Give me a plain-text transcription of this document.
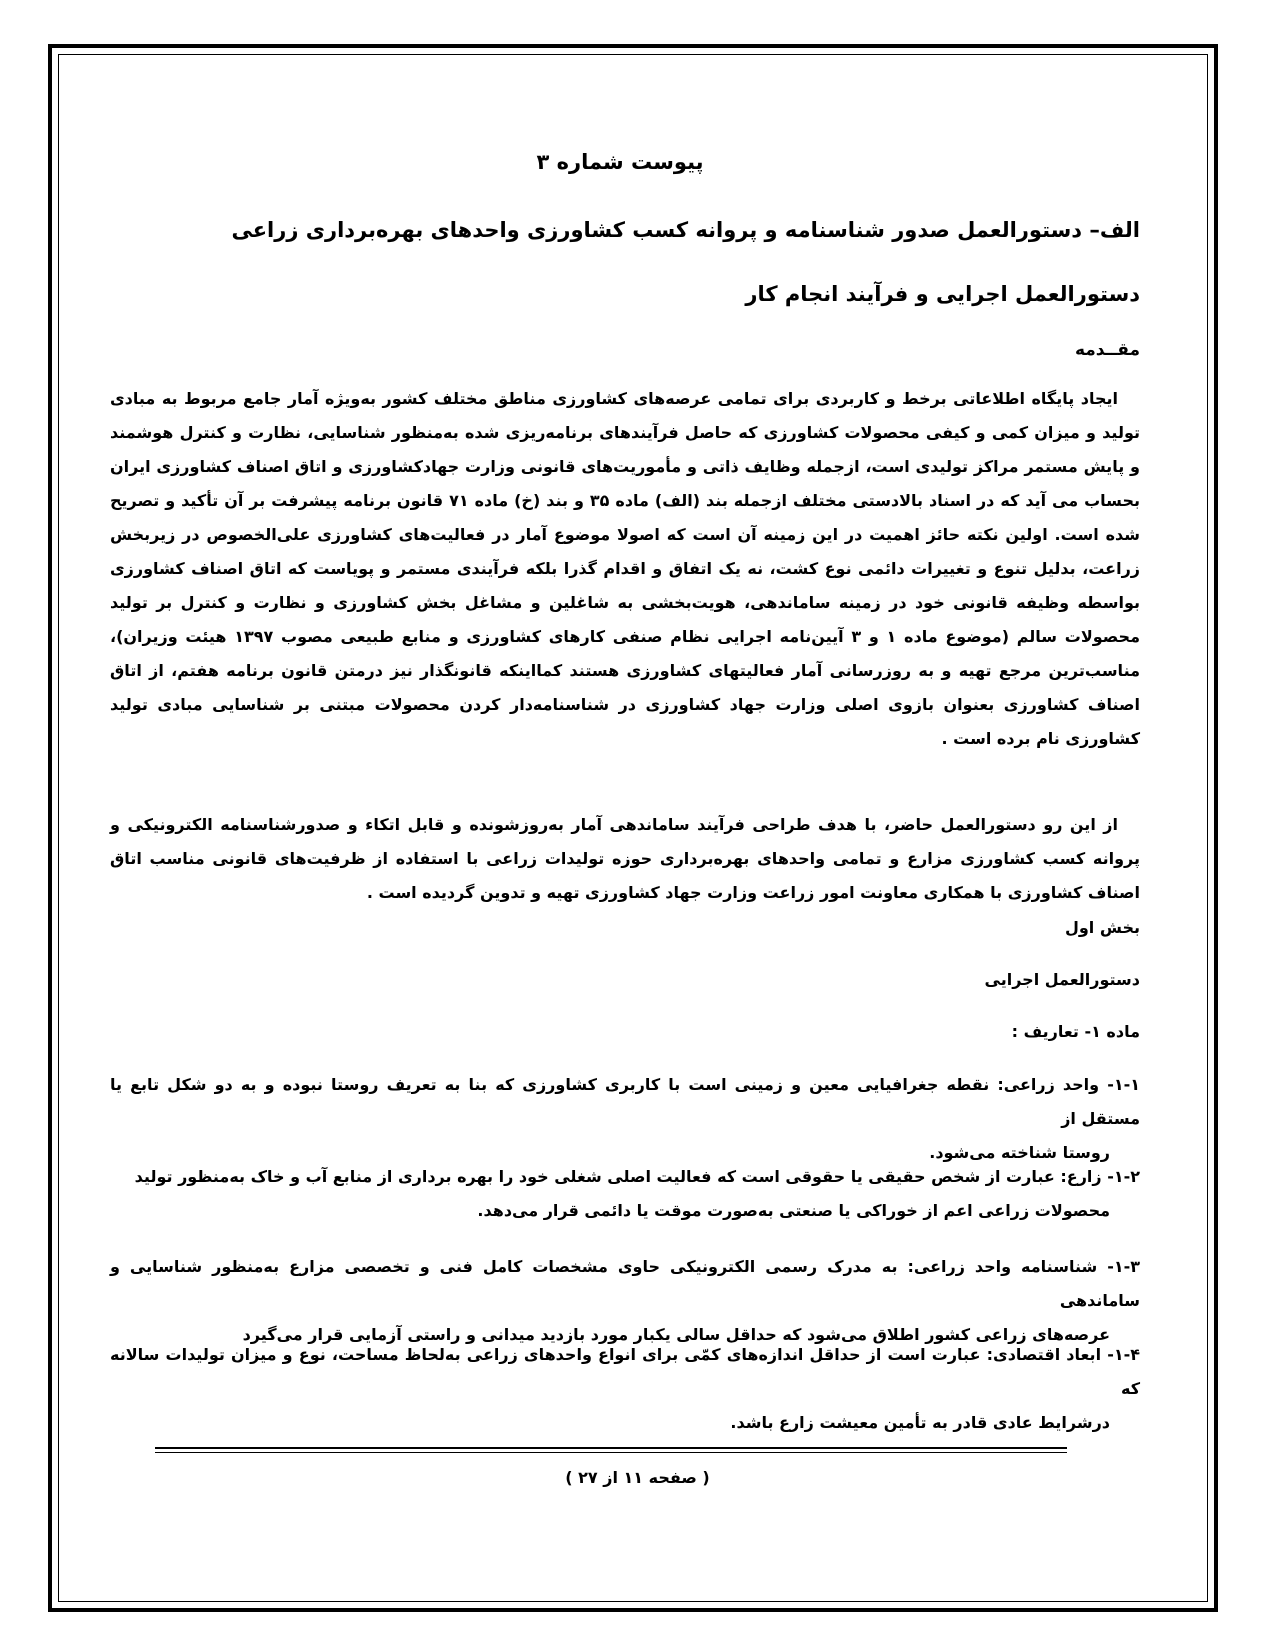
پیوست شماره ۳
الف– دستورالعمل صدور شناسنامه و پروانه کسب کشاورزی واحدهای بهره‌برداری زراعی
دستورالعمل اجرایی و فرآیند انجام کار
مقــدمه
ایجاد پایگاه اطلاعاتی برخط و کاربردی برای تمامی عرصه‌های کشاورزی مناطق مختلف کشور به‌ویژه آمار جامع مربوط به مبادی تولید و میزان کمی و کیفی محصولات کشاورزی که حاصل فرآیندهای برنامه‌ریزی شده به‌منظور شناسایی، نظارت و کنترل هوشمند و پایش مستمر مراکز تولیدی است، ازجمله وظایف ذاتی و مأموریت‌های قانونی وزارت جهادکشاورزی و اتاق اصناف کشاورزی ایران بحساب می آید که در اسناد بالادستی مختلف ازجمله بند (الف) ماده ۳۵ و بند (خ) ماده ۷۱ قانون برنامه پیشرفت بر آن تأکید و تصریح شده است. اولین نکته حائز اهمیت در این زمینه آن است که اصولا موضوع آمار در فعالیت‌های کشاورزی علی‌الخصوص در زیربخش زراعت، بدلیل تنوع و تغییرات دائمی نوع کشت، نه یک اتفاق و اقدام گذرا بلکه فرآیندی مستمر و پویاست که اتاق اصناف کشاورزی بواسطه وظیفه قانونی خود در زمینه ساماندهی، هویت‌بخشی به شاغلین و مشاغل بخش کشاورزی و نظارت و کنترل بر تولید محصولات سالم (موضوع ماده ۱ و ۳ آیین‌نامه اجرایی نظام صنفی کارهای کشاورزی و منابع طبیعی مصوب ۱۳۹۷ هیئت وزیران)، مناسب‌ترین مرجع تهیه و به روزرسانی آمار فعالیتهای کشاورزی هستند کمااینکه قانونگذار نیز درمتن قانون برنامه هفتم، از اتاق اصناف کشاورزی بعنوان بازوی اصلی وزارت جهاد کشاورزی در شناسنامه‌دار کردن محصولات مبتنی بر شناسایی مبادی تولید کشاورزی نام برده است .
از این رو دستورالعمل حاضر، با هدف طراحی فرآیند ساماندهی آمار به‌روزشونده و قابل اتکاء و صدورشناسنامه الکترونیکی و پروانه کسب کشاورزی مزارع و تمامی واحدهای بهره‌برداری حوزه تولیدات زراعی با استفاده از ظرفیت‌های قانونی مناسب اتاق اصناف کشاورزی با همکاری معاونت امور زراعت وزارت جهاد کشاورزی تهیه و تدوین گردیده است .
بخش اول
دستورالعمل اجرایی
ماده ۱- تعاریف :
۱-۱- واحد زراعی: نقطه جغرافیایی معین و زمینی است با کاربری کشاورزی که بنا به تعریف روستا نبوده و به دو شکل تابع یا مستقل از
روستا شناخته می‌شود.
۱-۲- زارع: عبارت از شخص حقیقی یا حقوقی است که فعالیت اصلی شغلی خود را بهره برداری از منابع آب و خاک به‌منظور تولید
محصولات زراعی اعم از خوراکی یا صنعتی به‌صورت موقت یا دائمی قرار می‌دهد.
۱-۳- شناسنامه واحد زراعی: به مدرک رسمی الکترونیکی حاوی مشخصات کامل فنی و تخصصی مزارع به‌منظور شناسایی و ساماندهی
عرصه‌های زراعی کشور اطلاق می‌شود که حداقل سالی یکبار مورد بازدید میدانی و راستی آزمایی قرار می‌گیرد
۱-۴- ابعاد اقتصادی: عبارت است از حداقل اندازه‌های کمّی برای انواع واحدهای زراعی به‌لحاظ مساحت، نوع و میزان تولیدات سالانه که
درشرایط عادی قادر به تأمین معیشت زارع باشد.
( صفحه ۱۱ از ۲۷ )
